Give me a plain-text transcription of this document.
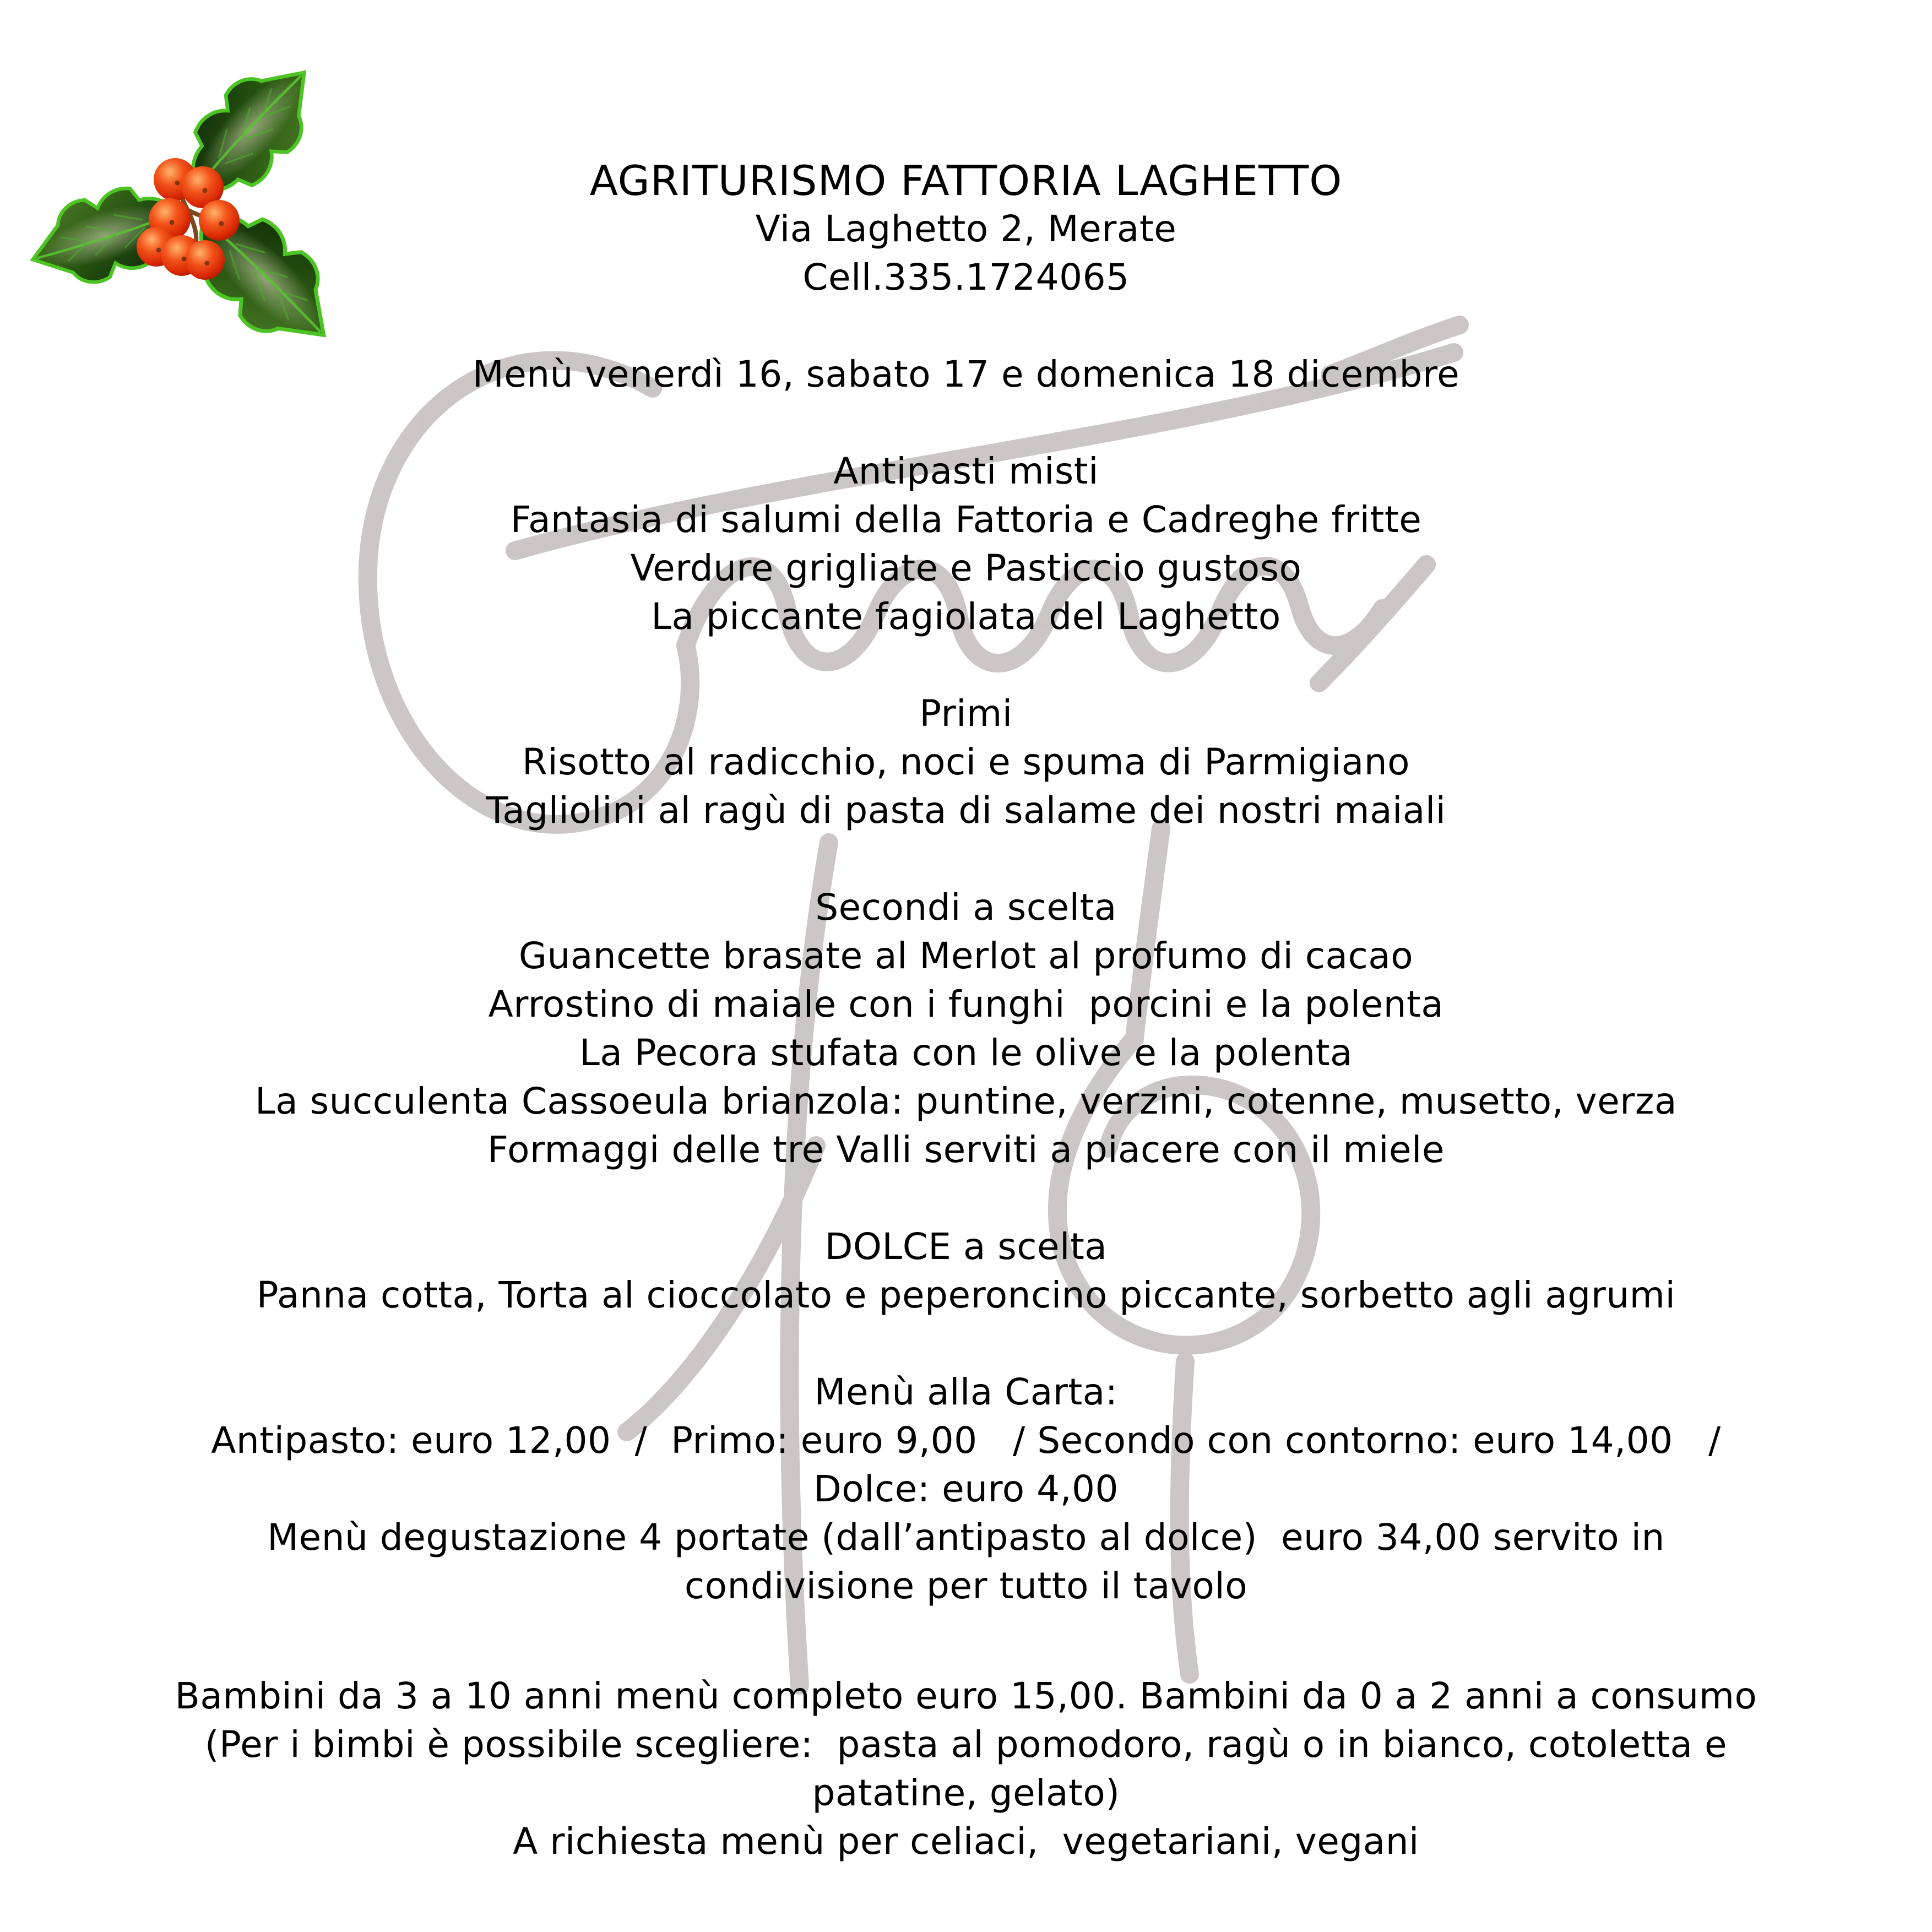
AGRITURISMO FATTORIA LAGHETTO
Via Laghetto 2, Merate
Cell.335.1724065
Menù venerdì 16, sabato 17 e domenica 18 dicembre
Antipasti misti
Fantasia di salumi della Fattoria e Cadreghe fritte
Verdure grigliate e Pasticcio gustoso
La piccante fagiolata del Laghetto
Primi
Risotto al radicchio, noci e spuma di Parmigiano
Tagliolini al ragù di pasta di salame dei nostri maiali
Secondi a scelta
Guancette brasate al Merlot al profumo di cacao
Arrostino di maiale con i funghi  porcini e la polenta
La Pecora stufata con le olive e la polenta
La succulenta Cassoeula brianzola: puntine, verzini, cotenne, musetto, verza
Formaggi delle tre Valli serviti a piacere con il miele
DOLCE a scelta
Panna cotta, Torta al cioccolato e peperoncino piccante, sorbetto agli agrumi
Menù alla Carta:
Antipasto: euro 12,00  /  Primo: euro 9,00   / Secondo con contorno: euro 14,00   /
Dolce: euro 4,00
Menù degustazione 4 portate (dall’antipasto al dolce)  euro 34,00 servito in
condivisione per tutto il tavolo
Bambini da 3 a 10 anni menù completo euro 15,00. Bambini da 0 a 2 anni a consumo
(Per i bimbi è possibile scegliere:  pasta al pomodoro, ragù o in bianco, cotoletta e
patatine, gelato)
A richiesta menù per celiaci,  vegetariani, vegani
